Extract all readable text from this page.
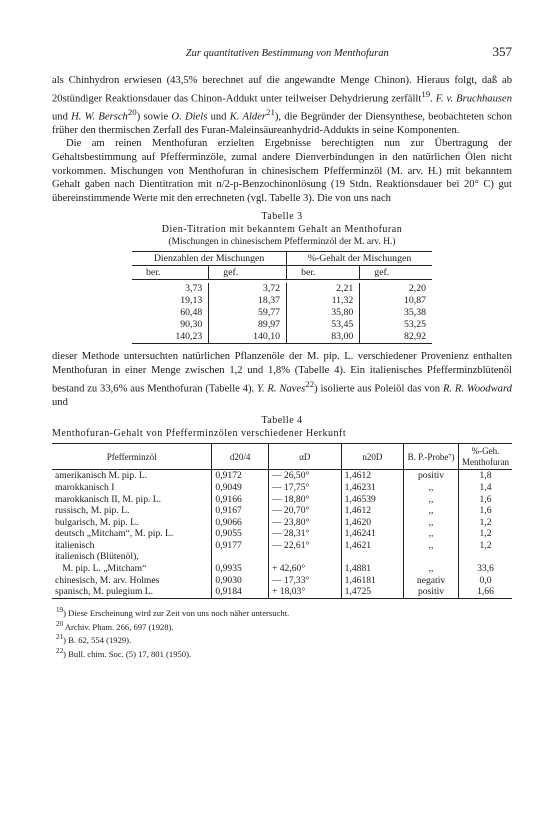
Zur quantitativen Bestimmung von Menthofuran	357

als Chinhydron erwiesen (43,5% berechnet auf die angewandte Menge Chinon). Hieraus folgt, daß ab 20stündiger Reaktionsdauer das Chinon-Addukt unter teilweiser Dehydrierung zerfällt$^{19}$. F. v. Bruchhausen und H. W. Bersch$^{20}$) sowie O. Diels und K. Alder$^{21}$), die Begründer der Diensynthese, beobachteten schon früher den thermischen Zerfall des Furan-Maleinsäureanhydrid-Addukts in seine Komponenten.

Die am reinen Menthofuran erzielten Ergebnisse berechtigten nun zur Übertragung der Gehaltsbestimmung auf Pfefferminzöle, zumal andere Dienverbindungen in den natürlichen Ölen nicht vorkommen. Mischungen von Menthofuran in chinesischem Pfefferminzöl (M. arv. H.) mit bekanntem Gehalt gaben nach Dientitration mit n/2-p-Benzochinonlösung (19 Stdn. Reaktionsdauer bei 20° C) gut übereinstimmende Werte mit den errechneten (vgl. Tabelle 3). Die von uns nach

Tabelle 3
Dien-Titration mit bekanntem Gehalt an Menthofuran
(Mischungen in chinesischem Pfefferminzöl der M. arv. H.)
Dienzahlen der Mischungen		%-Gehalt der Mischungen	
ber.	gef.	ber.	gef.

3,73	3,72	2,21	2,20
19,13	18,37	11,32	10,87
60,48	59,77	35,80	35,38
90,30	89,97	53,45	53,25
140,23	140,10	83,00	82,92

dieser Methode untersuchten natürlichen Pflanzenöle der M. pip. L. verschiedener Provenienz enthalten Menthofuran in einer Menge zwischen 1,2 und 1,8% (Tabelle 4). Ein italienisches Pfefferminzblütenöl bestand zu 33,6% aus Menthofuran (Tabelle 4). Y. R. Naves$^{22}$) isolierte aus Poleiöl das von R. R. Woodward und

Tabelle 4
Menthofuran-Gehalt von Pfefferminzölen verschiedener Herkunft
Pfefferminzöl	d20/4	αD	n20D	B. P.-Probe⁷)	%-Geh. Menthofuran
amerikanisch M. pip. L.	0,9172	— 26,50°	1,4612	positiv	1,8
marokkanisch I	0,9049	— 17,75°	1,46231	,,	1,4
marokkanisch II, M. pip. L.	0,9166	— 18,80°	1,46539	,,	1,6
russisch, M. pip. L.	0,9167	— 20,70°	1,4612	,,	1,6
bulgarisch, M. pip. L.	0,9066	— 23,80°	1,4620	,,	1,2
deutsch „Mitcham“, M. pip. L.	0,9055	— 28,31°	1,46241	,,	1,2
italienisch	0,9177	— 22,61°	1,4621	,,	1,2
italienisch (Blütenöl),					
M. pip. L. „Mitcham“	0,9935	+ 42,60°	1,4881	,,	33,6
chinesisch, M. arv. Holmes	0,9030	— 17,33°	1,46181	negativ	0,0
spanisch, M. pulegium L.	0,9184	+ 18,03°	1,4725	positiv	1,66
$^{19}$) Diese Erscheinung wird zur Zeit von uns noch näher untersucht.
$^{20}$ Archiv. Pham. 266, 697 (1928).
$^{21}$) B. 62, 554 (1929).
$^{22}$) Bull. chim. Soc. (5) 17, 801 (1950).
